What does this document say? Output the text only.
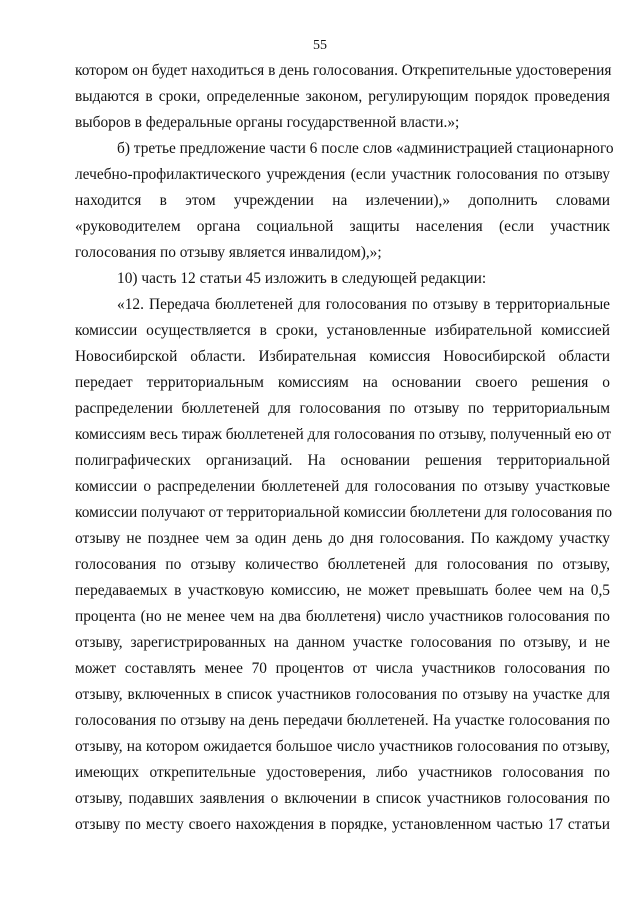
55
котором он будет находиться в день голосования. Открепительные удостоверения
выдаются в сроки, определенные законом, регулирующим порядок проведения
выборов в федеральные органы государственной власти.»;
б) третье предложение части 6 после слов «администрацией стационарного
лечебно-профилактического учреждения (если участник голосования по отзыву
находится в этом учреждении на излечении),» дополнить словами
«руководителем органа социальной защиты населения (если участник
голосования по отзыву является инвалидом),»;
10) часть 12 статьи 45 изложить в следующей редакции:
«12. Передача бюллетеней для голосования по отзыву в территориальные
комиссии осуществляется в сроки, установленные избирательной комиссией
Новосибирской области. Избирательная комиссия Новосибирской области
передает территориальным комиссиям на основании своего решения о
распределении бюллетеней для голосования по отзыву по территориальным
комиссиям весь тираж бюллетеней для голосования по отзыву, полученный ею от
полиграфических организаций. На основании решения территориальной
комиссии о распределении бюллетеней для голосования по отзыву участковые
комиссии получают от территориальной комиссии бюллетени для голосования по
отзыву не позднее чем за один день до дня голосования. По каждому участку
голосования по отзыву количество бюллетеней для голосования по отзыву,
передаваемых в участковую комиссию, не может превышать более чем на 0,5
процента (но не менее чем на два бюллетеня) число участников голосования по
отзыву, зарегистрированных на данном участке голосования по отзыву, и не
может составлять менее 70 процентов от числа участников голосования по
отзыву, включенных в список участников голосования по отзыву на участке для
голосования по отзыву на день передачи бюллетеней. На участке голосования по
отзыву, на котором ожидается большое число участников голосования по отзыву,
имеющих открепительные удостоверения, либо участников голосования по
отзыву, подавших заявления о включении в список участников голосования по
отзыву по месту своего нахождения в порядке, установленном частью 17 статьи
